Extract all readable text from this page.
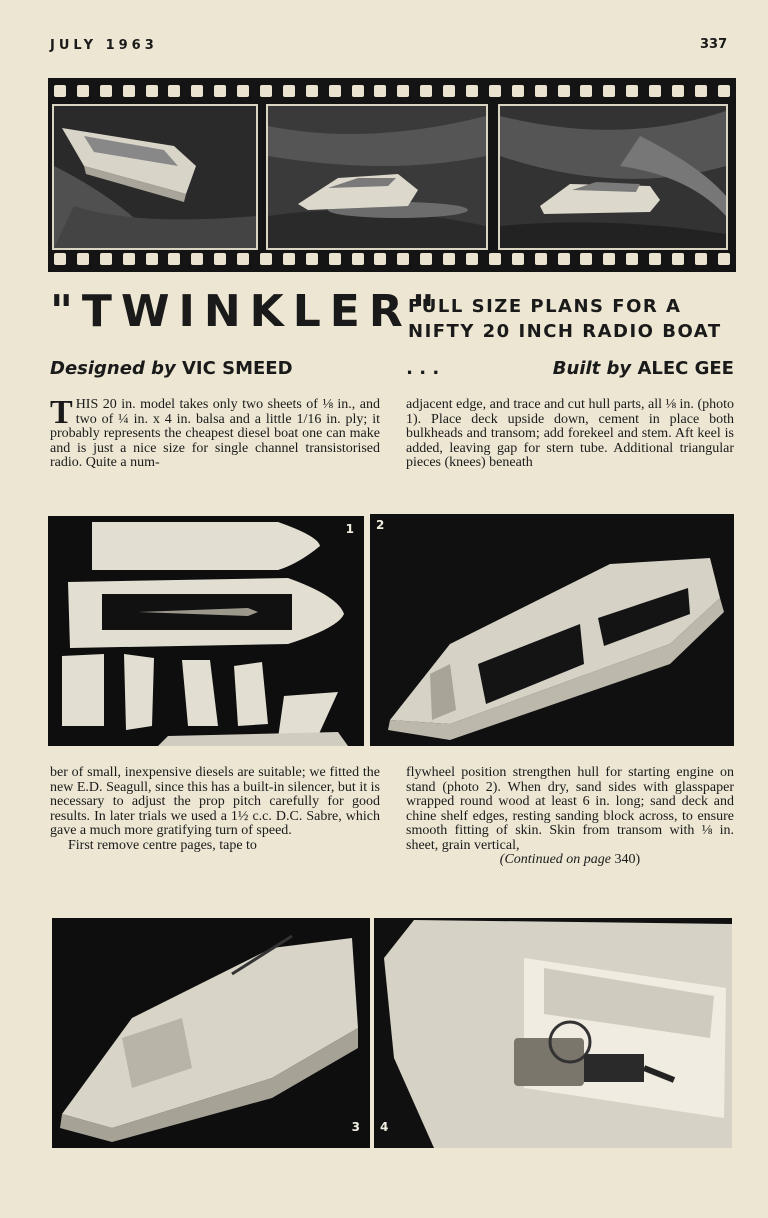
JULY 1963	337
"TWINKLER"
FULL SIZE PLANS FOR A NIFTY 20 INCH RADIO BOAT
Designed by VIC SMEED	. . .	Built by ALEC GEE

THIS 20 in. model takes only two sheets of ⅛ in., and two of ¼ in. x 4 in. balsa and a little 1/16 in. ply; it probably represents the cheapest diesel boat one can make and is just a nice size for single channel transistorised radio. Quite a num-

adjacent edge, and trace and cut hull parts, all ⅛ in. (photo 1). Place deck upside down, cement in place both bulkheads and transom; add forekeel and stem. Aft keel is added, leaving gap for stern tube. Additional triangular pieces (knees) beneath

1 2

ber of small, inexpensive diesels are suitable; we fitted the new E.D. Seagull, since this has a built-in silencer, but it is necessary to adjust the prop pitch carefully for good results. In later trials we used a 1½ c.c. D.C. Sabre, which gave a much more gratifying turn of speed.

First remove centre pages, tape to

flywheel position strengthen hull for starting engine on stand (photo 2). When dry, sand sides with glasspaper wrapped round wood at least 6 in. long; sand deck and chine shelf edges, resting sanding block across, to ensure smooth fitting of skin. Skin from transom with ⅛ in. sheet, grain vertical,

(Continued on page 340)

3 4
